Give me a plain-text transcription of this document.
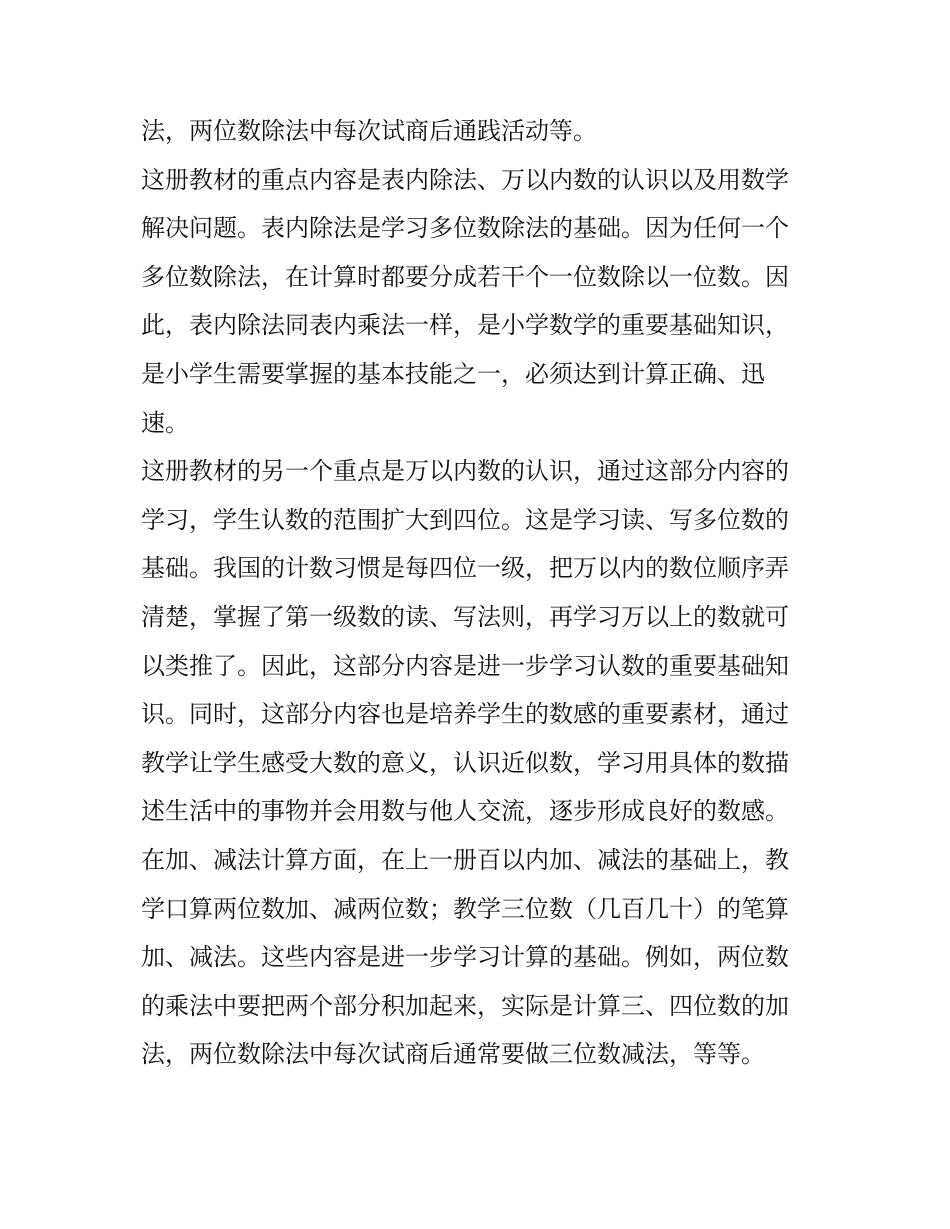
法，两位数除法中每次试商后通践活动等。
这册教材的重点内容是表内除法、万以内数的认识以及用数学
解决问题。表内除法是学习多位数除法的基础。因为任何一个
多位数除法，在计算时都要分成若干个一位数除以一位数。因
此，表内除法同表内乘法一样，是小学数学的重要基础知识，
是小学生需要掌握的基本技能之一，必须达到计算正确、迅
速。
这册教材的另一个重点是万以内数的认识，通过这部分内容的
学习，学生认数的范围扩大到四位。这是学习读、写多位数的
基础。我国的计数习惯是每四位一级，把万以内的数位顺序弄
清楚，掌握了第一级数的读、写法则，再学习万以上的数就可
以类推了。因此，这部分内容是进一步学习认数的重要基础知
识。同时，这部分内容也是培养学生的数感的重要素材，通过
教学让学生感受大数的意义，认识近似数，学习用具体的数描
述生活中的事物并会用数与他人交流，逐步形成良好的数感。
在加、减法计算方面，在上一册百以内加、减法的基础上，教
学口算两位数加、减两位数；教学三位数（几百几十）的笔算
加、减法。这些内容是进一步学习计算的基础。例如，两位数
的乘法中要把两个部分积加起来，实际是计算三、四位数的加
法，两位数除法中每次试商后通常要做三位数减法，等等。
